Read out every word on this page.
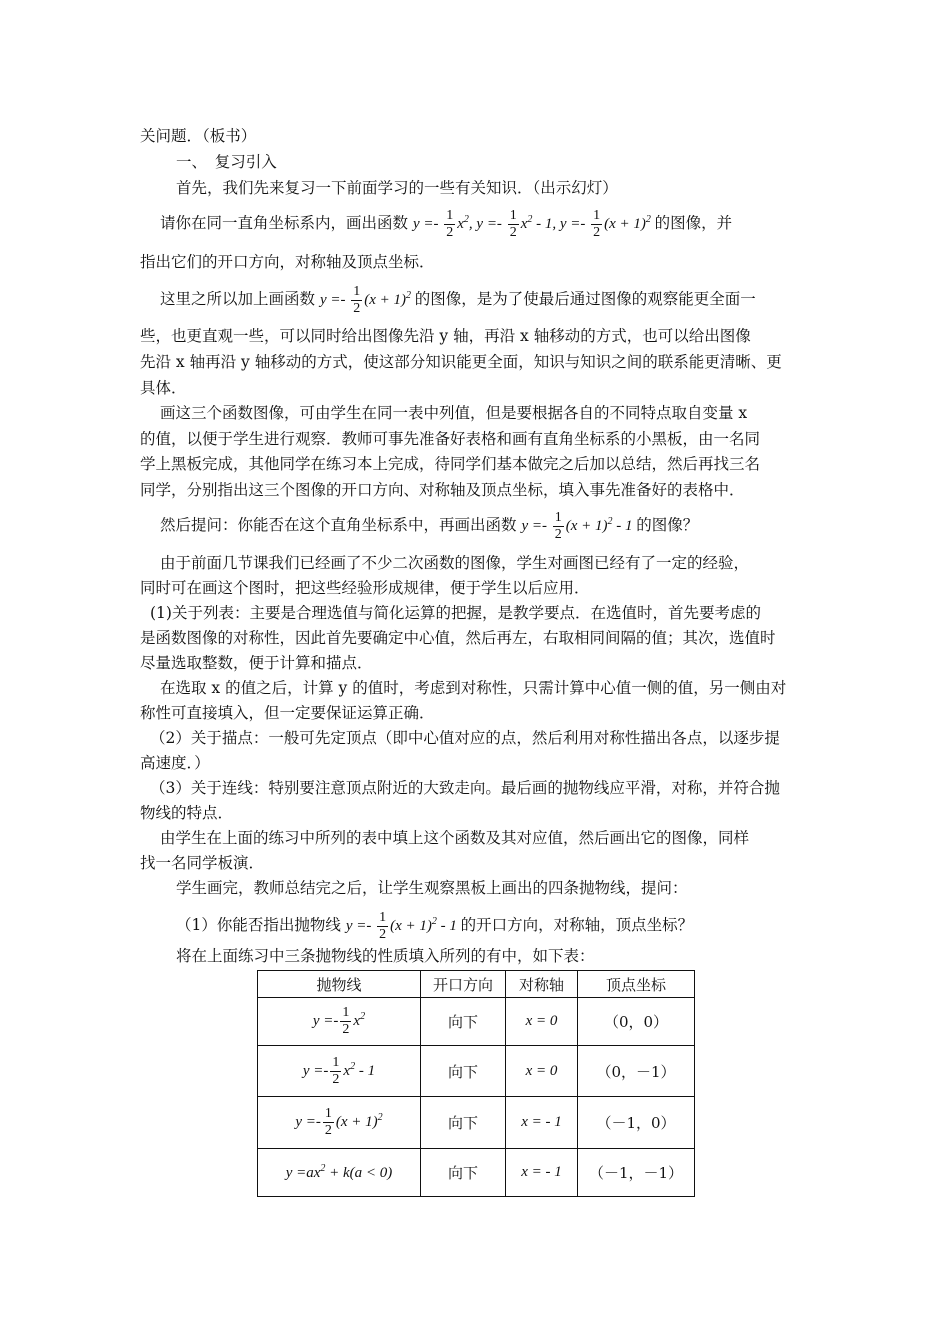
关问题．（板书）
一、　复习引入
首先，我们先来复习一下前面学习的一些有关知识．（出示幻灯）
请你在同一直角坐标系内，画出函数 $y =- \frac{1}{2} x^2$, $y =- \frac{1}{2} x^2 - 1$, $y =- \frac{1}{2} (x + 1)^2$ 的图像，并
指出它们的开口方向，对称轴及顶点坐标．
这里之所以加上画函数 $y =- \frac{1}{2} (x + 1)^2$ 的图像，是为了使最后通过图像的观察能更全面一
些，也更直观一些，可以同时给出图像先沿 y 轴，再沿 x 轴移动的方式，也可以给出图像
先沿 x 轴再沿 y 轴移动的方式，使这部分知识能更全面，知识与知识之间的联系能更清晰、更
具体．
画这三个函数图像，可由学生在同一表中列值，但是要根据各自的不同特点取自变量 x
的值，以便于学生进行观察．教师可事先准备好表格和画有直角坐标系的小黑板，由一名同
学上黑板完成，其他同学在练习本上完成，待同学们基本做完之后加以总结，然后再找三名
同学，分别指出这三个图像的开口方向、对称轴及顶点坐标，填入事先准备好的表格中．
然后提问：你能否在这个直角坐标系中，再画出函数 $y =- \frac{1}{2} (x + 1)^2 - 1$ 的图像？
由于前面几节课我们已经画了不少二次函数的图像，学生对画图已经有了一定的经验，
同时可在画这个图时，把这些经验形成规律，便于学生以后应用．
(1)关于列表：主要是合理选值与简化运算的把握，是教学要点．在选值时，首先要考虑的
是函数图像的对称性，因此首先要确定中心值，然后再左，右取相同间隔的值；其次，选值时
尽量选取整数，便于计算和描点．
在选取 x 的值之后，计算 y 的值时，考虑到对称性，只需计算中心值一侧的值，另一侧由对
称性可直接填入，但一定要保证运算正确．
（2）关于描点：一般可先定顶点（即中心值对应的点，然后利用对称性描出各点，以逐步提
高速度．）
（3）关于连线：特别要注意顶点附近的大致走向。最后画的抛物线应平滑，对称，并符合抛
物线的特点．
由学生在上面的练习中所列的表中填上这个函数及其对应值，然后画出它的图像，同样
找一名同学板演．
学生画完，教师总结完之后，让学生观察黑板上画出的四条抛物线，提问：
（1）你能否指出抛物线 $y =- \frac{1}{2} (x + 1)^2 - 1$ 的开口方向，对称轴，顶点坐标？
将在上面练习中三条抛物线的性质填入所列的有中，如下表：
抛物线	开口方向	对称轴	顶点坐标
$y =- \frac{1}{2} x^2$	向下	x = 0	（0，0）
$y =- \frac{1}{2} x^2 - 1$	向下	x = 0	（0，－1）
$y =- \frac{1}{2} (x + 1)^2$	向下	x = - 1	（－1，0）
$y =ax^2 + k(a < 0)$	向下	x = - 1	（－1，－1）
